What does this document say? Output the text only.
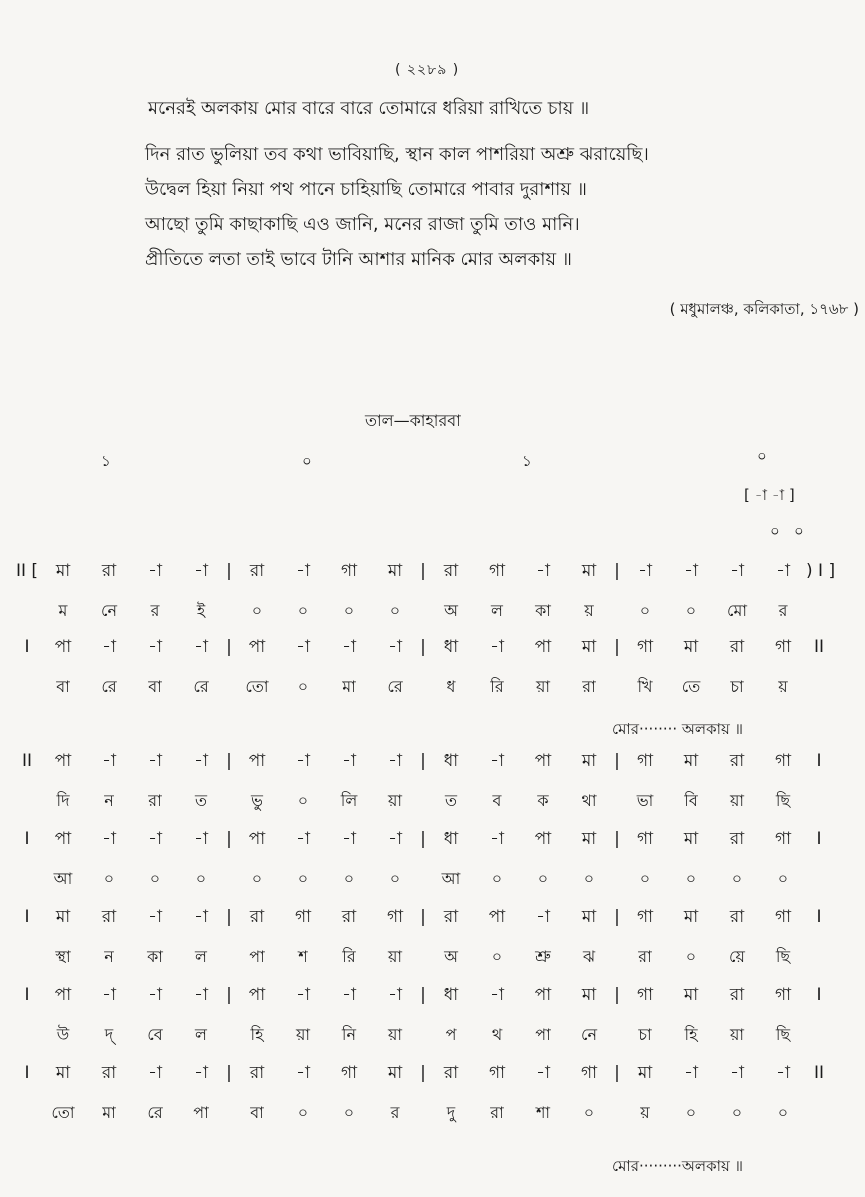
( ২২৮৯ )
মনেরই অলকায় মোর বারে বারে তোমারে ধরিয়া রাখিতে চায় ॥
দিন রাত ভুলিয়া তব কথা ভাবিয়াছি, স্থান কাল পাশরিয়া অশ্রু ঝরায়েছি।
উদ্বেল হিয়া নিয়া পথ পানে চাহিয়াছি তোমারে পাবার দুরাশায় ॥
আছো তুমি কাছাকাছি এও জানি, মনের রাজা তুমি তাও মানি।
প্রীতিতে লতা তাই ভাবে টানি আশার মানিক মোর অলকায় ॥
( মধুমালঞ্চ, কলিকাতা, ১৭৬৮ )
তাল—কাহারবা
১	০	১	০
[ -া -া ]
০   ০
II [	মা	রা	-া	-া	|	রা	-া	গা	মা	|	রা	গা	-া	মা	|	-া	-া	-া	-া ) I ]
ম	নে	র	ই	০	০	০	০	অ	ল	কা	য়	০	০	মো	র
I	পা	-া	-া	-া	| পা	-া	-া	-া	|	ধা	-া	পা	মা	|	গা	মা	রা	গা	II
বা	রে	বা	রে	তো	০	মা	রে	ধ	রি	য়া	রা	খি	তে	চা	য়
II	পা	-া	-া	-া	| পা	-া	-া	-া	|	ধা	-া	পা	মা	|	গা	মা	রা	গা	I
দি	ন	রা	ত	ভু	০	লি	য়া	ত	ব	ক	থা	ভা	বি	য়া	ছি
I	পা	-া	-া	-া	| পা	-া	-া	-া	|	ধা	-া	পা	মা	|	গা	মা	রা	গা	I
আ	০	০	০	০	০	০	০	আ	০	০	০	০	০	০	০
I	মা	রা	-া	-া	|	রা	গা	রা	গা	|	রা	পা	-া	মা	|	গা	মা	রা	গা	I
স্থা	ন	কা	ল	পা	শ	রি	য়া	অ	০	শ্রু	ঝ	রা	০	য়ে	ছি
I	পা	-া	-া	-া	| পা	-া	-া	-া	|	ধা	-া	পা	মা	|	গা	মা	রা	গা	I
উ	দ্	বে	ল	হি	য়া	নি	য়া	প	থ	পা	নে	চা	হি	য়া	ছি
I	মা	রা	-া	-া	|	রা	-া	গা	মা	|	রা	গা	-া	গা	|	মা	-া	-া	-া	II
তো	মা	রে	পা	বা	০	০	র	দু	রা	শা	০	য়	০	০	০
মোর········ অলকায় ॥
মোর·········অলকায় ॥
